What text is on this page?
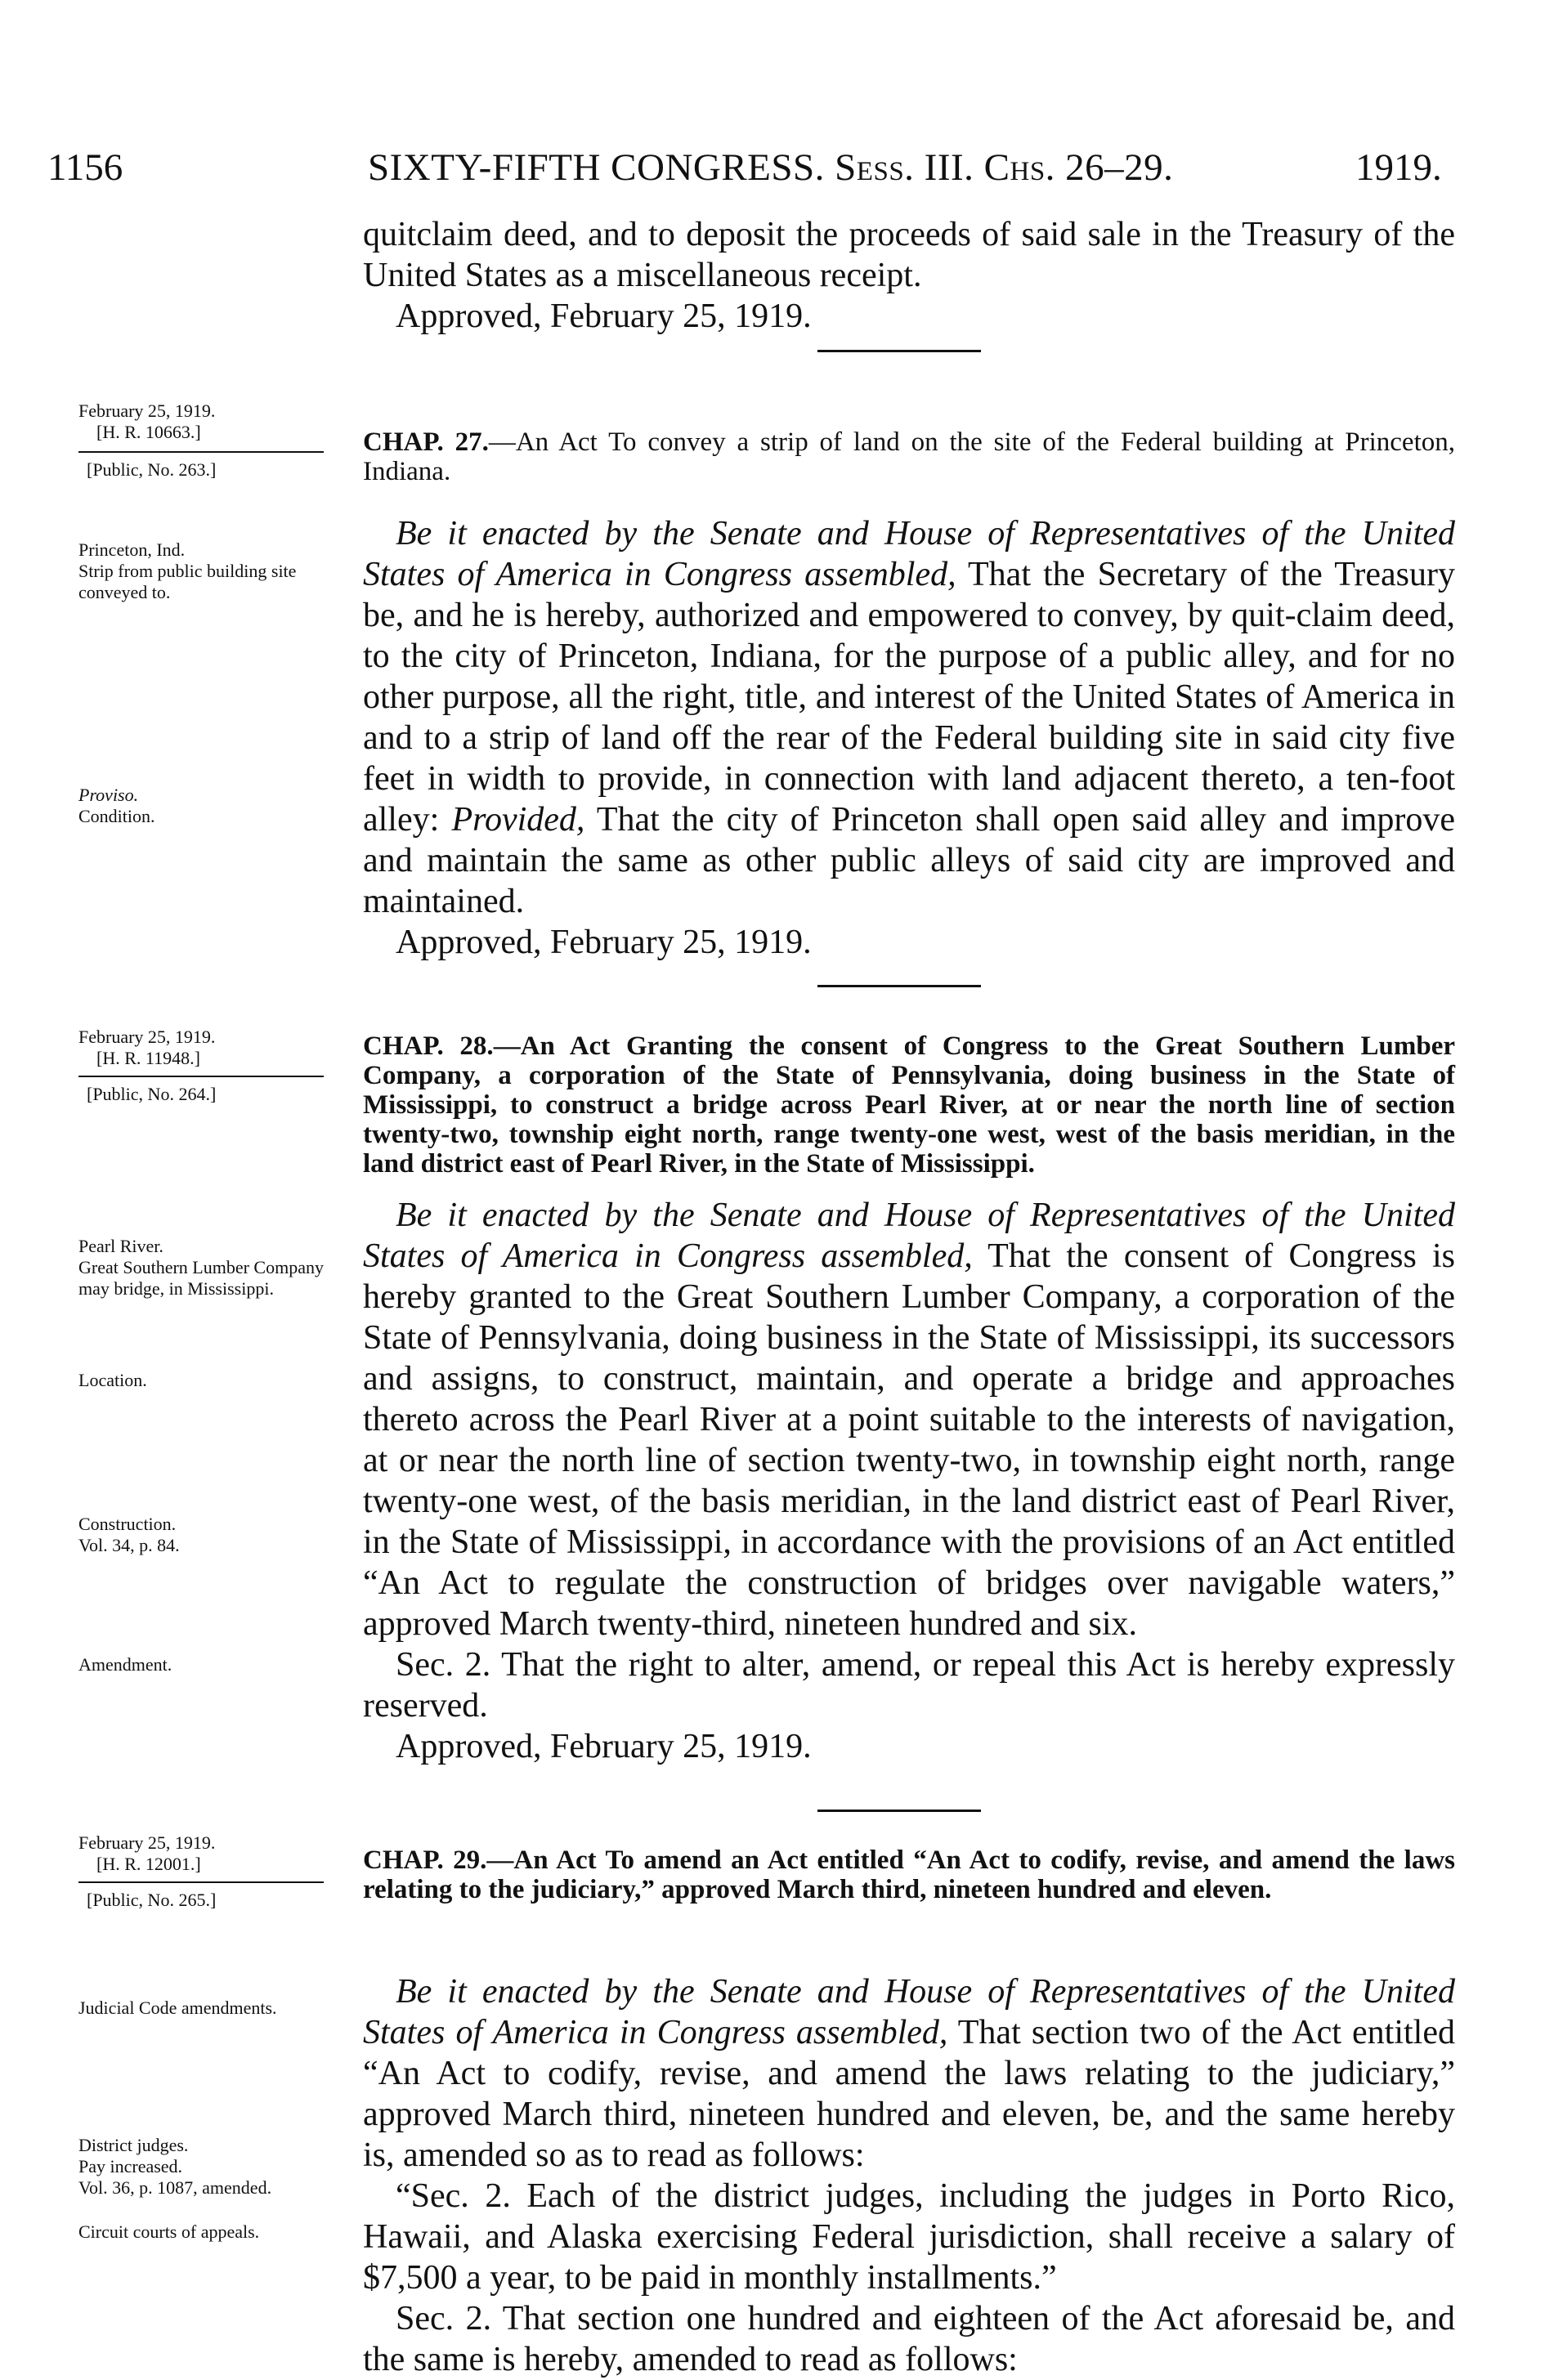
1156	SIXTY-FIFTH CONGRESS. Sess. III. Chs. 26–29.	1919.

quitclaim deed, and to deposit the proceeds of said sale in the Treasury of the United States as a miscellaneous receipt.

Approved, February 25, 1919.

February 25, 1919.
[H. R. 10663.]
[Public, No. 263.]
CHAP. 27.—An Act To convey a strip of land on the site of the Federal building at Princeton, Indiana.
Princeton, Ind.
Strip from public building site conveyed to.
Proviso.
Condition.

Be it enacted by the Senate and House of Representatives of the United States of America in Congress assembled, That the Secretary of the Treasury be, and he is hereby, authorized and empowered to convey, by quit-claim deed, to the city of Princeton, Indiana, for the purpose of a public alley, and for no other purpose, all the right, title, and interest of the United States of America in and to a strip of land off the rear of the Federal building site in said city five feet in width to provide, in connection with land adjacent thereto, a ten-foot alley: Provided, That the city of Princeton shall open said alley and improve and maintain the same as other public alleys of said city are improved and maintained.

Approved, February 25, 1919.

February 25, 1919.
[H. R. 11948.]
[Public, No. 264.]
CHAP. 28.—An Act Granting the consent of Congress to the Great Southern Lumber Company, a corporation of the State of Pennsylvania, doing business in the State of Mississippi, to construct a bridge across Pearl River, at or near the north line of section twenty-two, township eight north, range twenty-one west, west of the basis meridian, in the land district east of Pearl River, in the State of Mississippi.
Pearl River.
Great Southern Lumber Company may bridge, in Mississippi.
Location.
Construction.
Vol. 34, p. 84.
Amendment.

Be it enacted by the Senate and House of Representatives of the United States of America in Congress assembled, That the consent of Congress is hereby granted to the Great Southern Lumber Company, a corporation of the State of Pennsylvania, doing business in the State of Mississippi, its successors and assigns, to construct, maintain, and operate a bridge and approaches thereto across the Pearl River at a point suitable to the interests of navigation, at or near the north line of section twenty-two, in township eight north, range twenty-one west, of the basis meridian, in the land district east of Pearl River, in the State of Mississippi, in accordance with the provisions of an Act entitled “An Act to regulate the construction of bridges over navigable waters,” approved March twenty-third, nineteen hundred and six.

Sec. 2. That the right to alter, amend, or repeal this Act is hereby expressly reserved.

Approved, February 25, 1919.

February 25, 1919.
[H. R. 12001.]
[Public, No. 265.]
CHAP. 29.—An Act To amend an Act entitled “An Act to codify, revise, and amend the laws relating to the judiciary,” approved March third, nineteen hundred and eleven.
Judicial Code amendments.
District judges.
Pay increased.
Vol. 36, p. 1087, amended.
Circuit courts of appeals.

Be it enacted by the Senate and House of Representatives of the United States of America in Congress assembled, That section two of the Act entitled “An Act to codify, revise, and amend the laws relating to the judiciary,” approved March third, nineteen hundred and eleven, be, and the same hereby is, amended so as to read as follows:

“Sec. 2. Each of the district judges, including the judges in Porto Rico, Hawaii, and Alaska exercising Federal jurisdiction, shall receive a salary of $7,500 a year, to be paid in monthly installments.”

Sec. 2. That section one hundred and eighteen of the Act aforesaid be, and the same is hereby, amended to read as follows:
